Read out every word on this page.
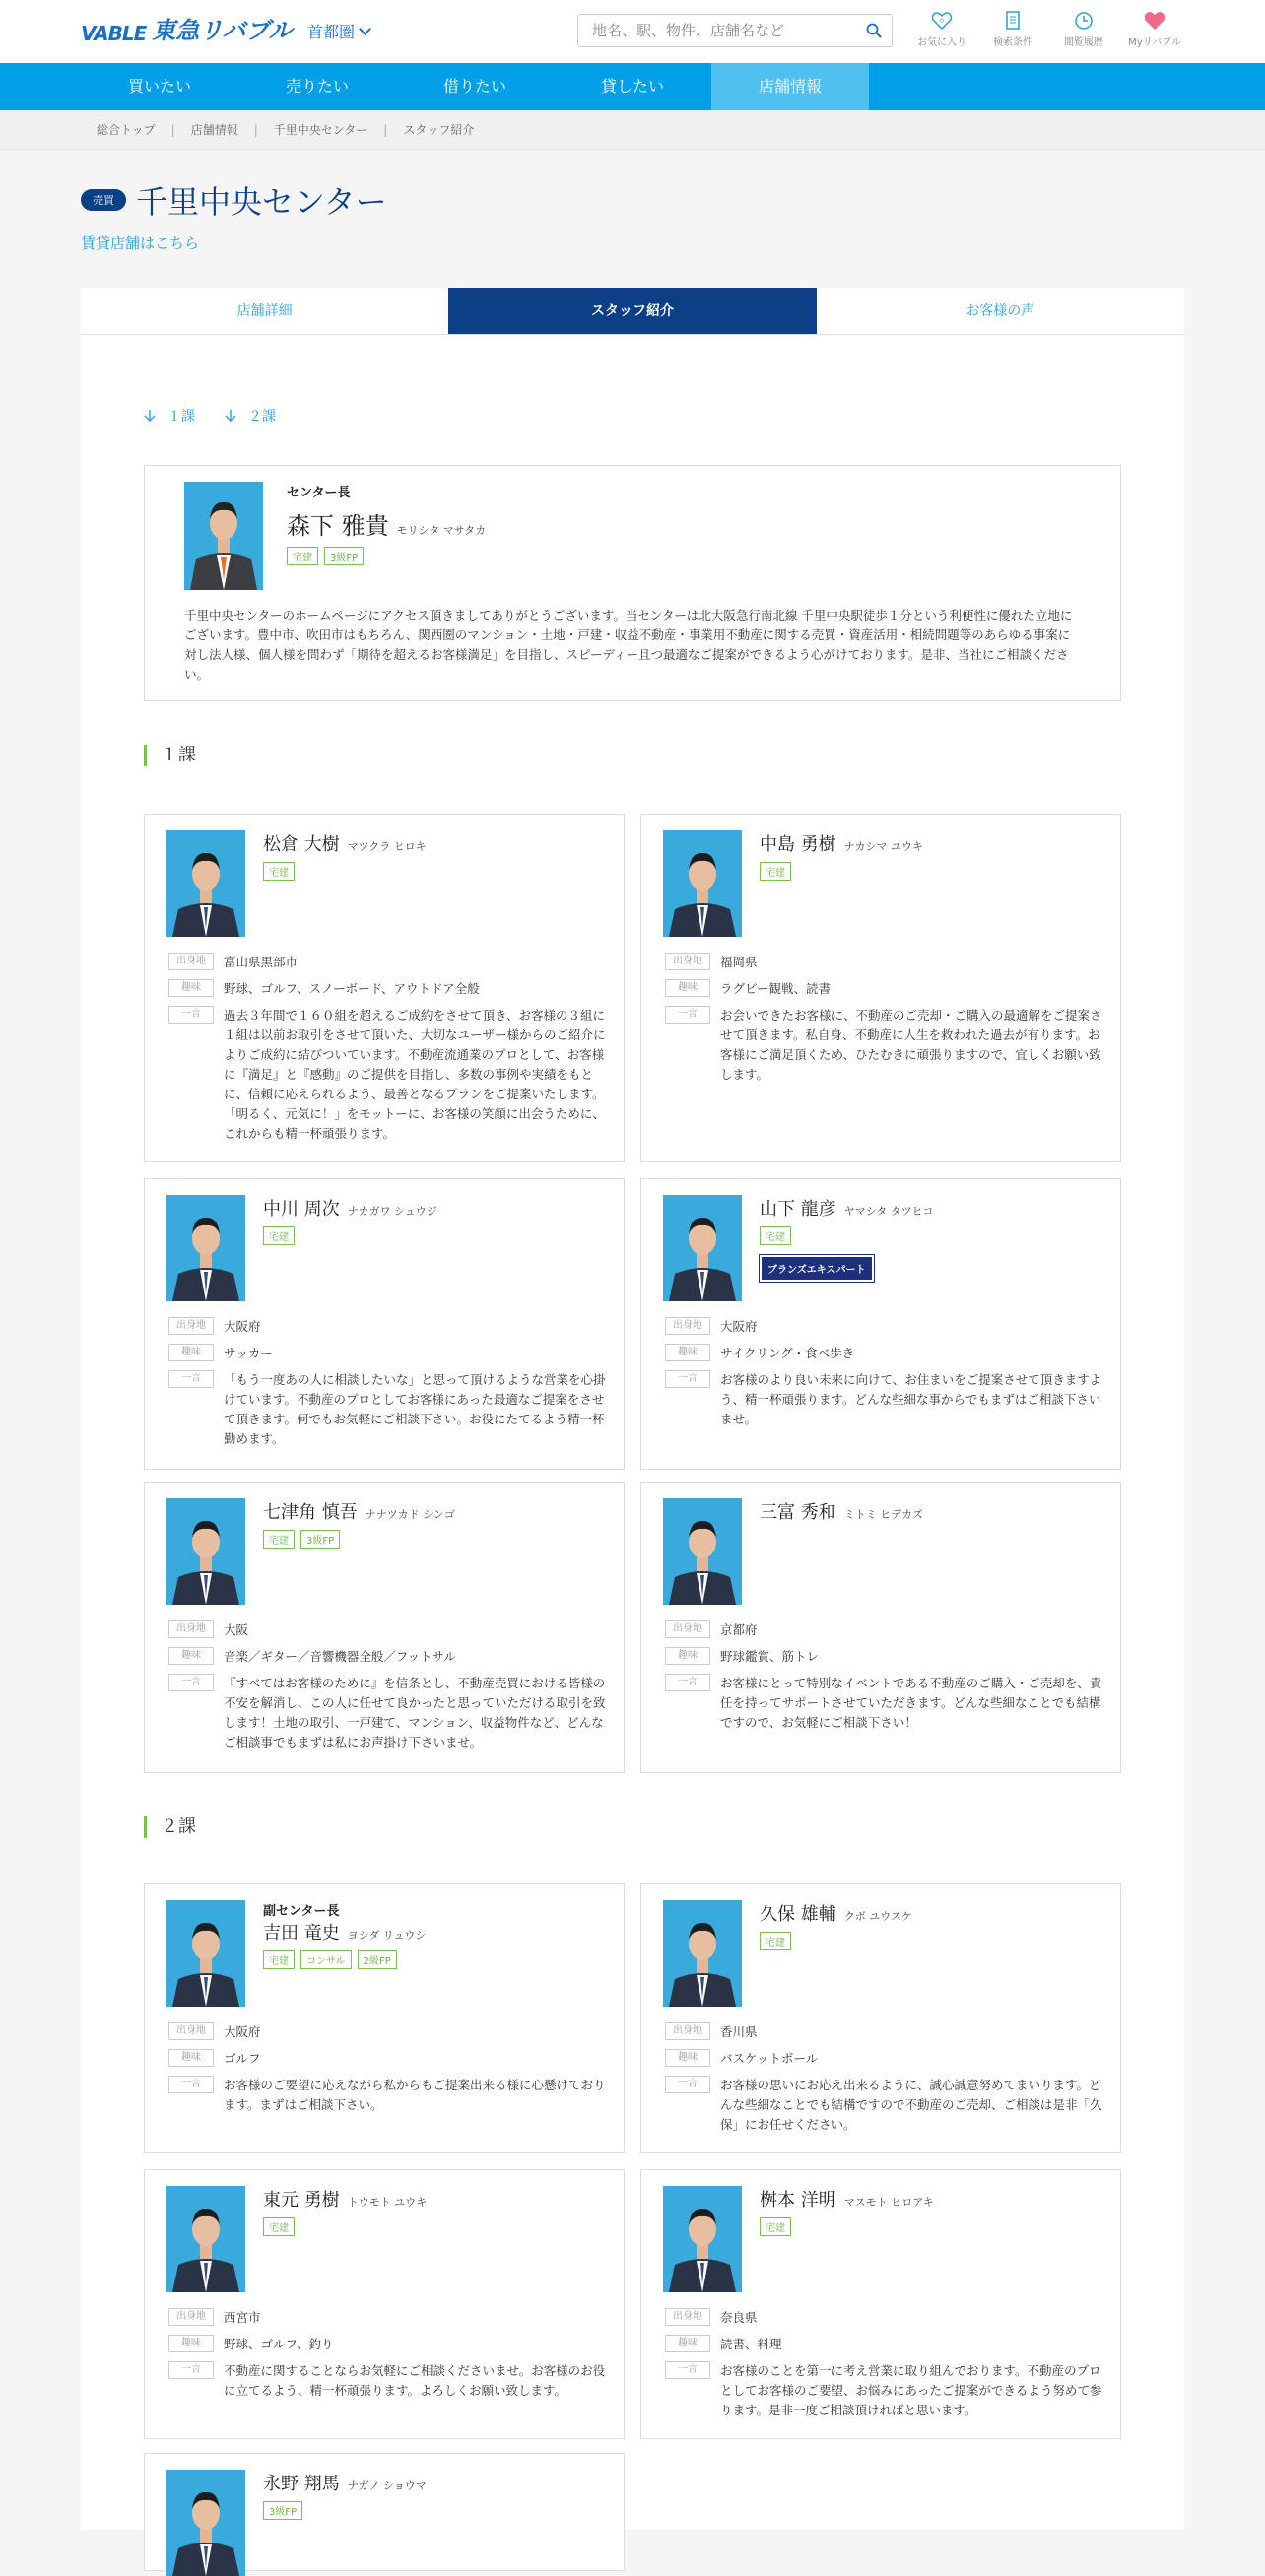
VABLE 東急リバブル 首都圏
地名、駅、物件、店舗名など
0
お気に入り	検索条件	閲覧履歴	Myリバブル
買いたい	売りたい	借りたい	貸したい	店舗情報
総合トップ | 店舗情報 | 千里中央センター | スタッフ紹介
売買 千里中央センター
賃貸店舗はこちら
店舗詳細	スタッフ紹介	お客様の声
１課	２課
センター長
森下 雅貴 モリシタ マサタカ
宅建	3級FP

千里中央センターのホームページにアクセス頂きましてありがとうございます。当センターは北大阪急行南北線 千里中央駅徒歩１分という利便性に優れた立地にございます。豊中市、吹田市はもちろん、関西圏のマンション・土地・戸建・収益不動産・事業用不動産に関する売買・資産活用・相続問題等のあらゆる事案に対し法人様、個人様を問わず「期待を超えるお客様満足」を目指し、スピーディー且つ最適なご提案ができるよう心がけております。是非、当社にご相談ください。

１課
松倉 大樹 マツクラ ヒロキ
宅建
出身地	富山県黒部市
趣味	野球、ゴルフ、スノーボード、アウトドア全般
一言	過去３年間で１６０組を超えるご成約をさせて頂き、お客様の３組に１組は以前お取引をさせて頂いた、大切なユーザー様からのご紹介によりご成約に結びついています。不動産流通業のプロとして、お客様に『満足』と『感動』のご提供を目指し、多数の事例や実績をもとに、信頼に応えられるよう、最善となるプランをご提案いたします。「明るく、元気に！」をモットーに、お客様の笑顔に出会うために、これからも精一杯頑張ります。
中島 勇樹 ナカシマ ユウキ
宅建
出身地	福岡県
趣味	ラグビー観戦、読書
一言	お会いできたお客様に、不動産のご売却・ご購入の最適解をご提案させて頂きます。私自身、不動産に人生を救われた過去が有ります。お客様にご満足頂くため、ひたむきに頑張りますので、宜しくお願い致します。
中川 周次 ナカガワ シュウジ
宅建
出身地	大阪府
趣味	サッカー
一言	「もう一度あの人に相談したいな」と思って頂けるような営業を心掛けています。不動産のプロとしてお客様にあった最適なご提案をさせて頂きます。何でもお気軽にご相談下さい。お役にたてるよう精一杯勤めます。
山下 龍彦 ヤマシタ タツヒコ
宅建
ブランズエキスパート
出身地	大阪府
趣味	サイクリング・食べ歩き
一言	お客様のより良い未来に向けて、お住まいをご提案させて頂きますよう、精一杯頑張ります。どんな些細な事からでもまずはご相談下さいませ。
七津角 慎吾 ナナツカド シンゴ
宅建	3級FP
出身地	大阪
趣味	音楽／ギター／音響機器全般／フットサル
一言	『すべてはお客様のために』を信条とし、不動産売買における皆様の不安を解消し、この人に任せて良かったと思っていただける取引を致します！土地の取引、一戸建て、マンション、収益物件など、どんなご相談事でもまずは私にお声掛け下さいませ。
三富 秀和 ミトミ ヒデカズ
出身地	京都府
趣味	野球鑑賞、筋トレ
一言	お客様にとって特別なイベントである不動産のご購入・ご売却を、責任を持ってサポートさせていただきます。どんな些細なことでも結構ですので、お気軽にご相談下さい！
２課
副センター長
吉田 竜史 ヨシダ リュウシ
宅建	コンサル	2級FP
出身地	大阪府
趣味	ゴルフ
一言	お客様のご要望に応えながら私からもご提案出来る様に心懸けております。まずはご相談下さい。
久保 雄輔 クボ ユウスケ
宅建
出身地	香川県
趣味	バスケットボール
一言	お客様の思いにお応え出来るように、誠心誠意努めてまいります。どんな些細なことでも結構ですので不動産のご売却、ご相談は是非「久保」にお任せください。
東元 勇樹 トウモト ユウキ
宅建
出身地	西宮市
趣味	野球、ゴルフ、釣り
一言	不動産に関することならお気軽にご相談くださいませ。お客様のお役に立てるよう、精一杯頑張ります。よろしくお願い致します。
桝本 洋明 マスモト ヒロアキ
宅建
出身地	奈良県
趣味	読書、料理
一言	お客様のことを第一に考え営業に取り組んでおります。不動産のプロとしてお客様のご要望、お悩みにあったご提案ができるよう努めて参ります。是非一度ご相談頂ければと思います。
永野 翔馬 ナガノ ショウマ
3級FP
